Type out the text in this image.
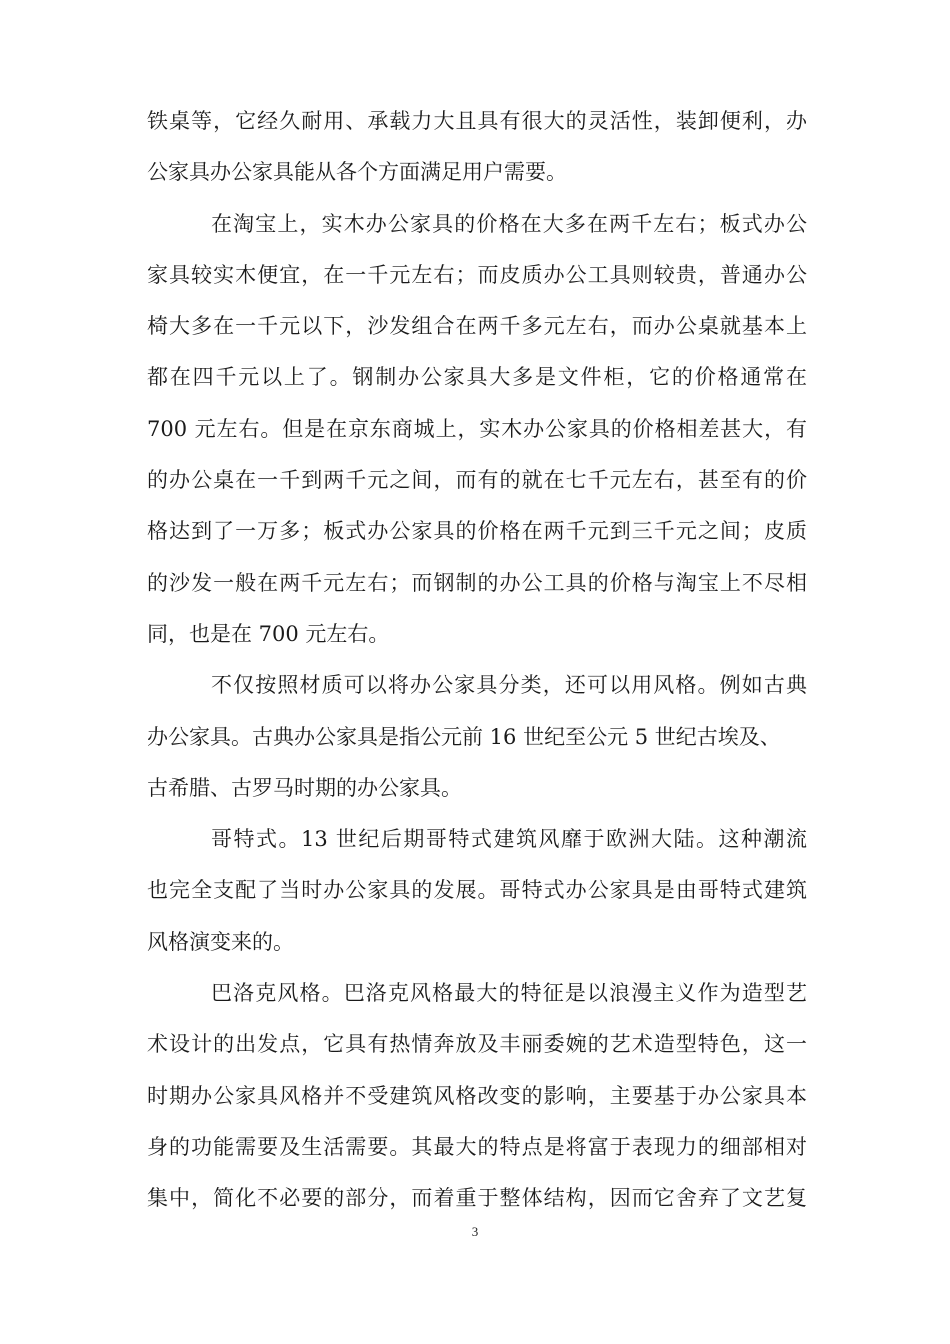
铁桌等，它经久耐用、承载力大且具有很大的灵活性，装卸便利，办
公家具办公家具能从各个方面满足用户需要。
在淘宝上，实木办公家具的价格在大多在两千左右；板式办公
家具较实木便宜，在一千元左右；而皮质办公工具则较贵，普通办公
椅大多在一千元以下，沙发组合在两千多元左右，而办公桌就基本上
都在四千元以上了。钢制办公家具大多是文件柜，它的价格通常在
700 元左右。但是在京东商城上，实木办公家具的价格相差甚大，有
的办公桌在一千到两千元之间，而有的就在七千元左右，甚至有的价
格达到了一万多；板式办公家具的价格在两千元到三千元之间；皮质
的沙发一般在两千元左右；而钢制的办公工具的价格与淘宝上不尽相
同，也是在 700 元左右。
不仅按照材质可以将办公家具分类，还可以用风格。例如古典
办公家具。古典办公家具是指公元前 16 世纪至公元 5 世纪古埃及、
古希腊、古罗马时期的办公家具。
哥特式。13 世纪后期哥特式建筑风靡于欧洲大陆。这种潮流
也完全支配了当时办公家具的发展。哥特式办公家具是由哥特式建筑
风格演变来的。
巴洛克风格。巴洛克风格最大的特征是以浪漫主义作为造型艺
术设计的出发点，它具有热情奔放及丰丽委婉的艺术造型特色，这一
时期办公家具风格并不受建筑风格改变的影响，主要基于办公家具本
身的功能需要及生活需要。其最大的特点是将富于表现力的细部相对
集中，简化不必要的部分，而着重于整体结构，因而它舍弃了文艺复
3
